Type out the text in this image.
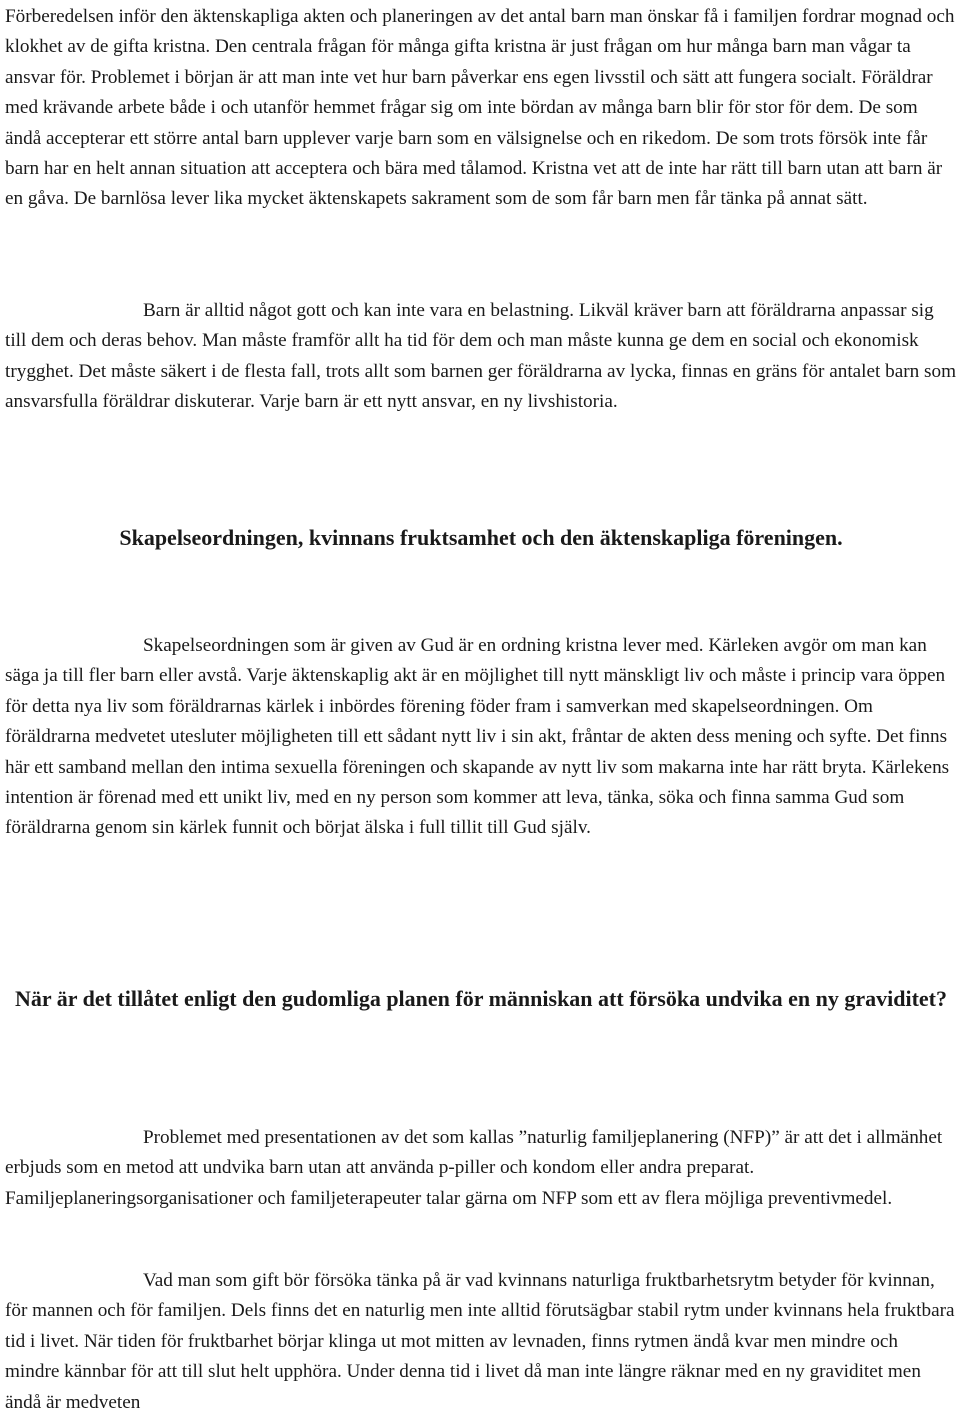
Förberedelsen inför den äktenskapliga akten och planeringen av det antal barn man önskar få i familjen fordrar mognad och klokhet av de gifta kristna. Den centrala frågan för många gifta kristna är just frågan om hur många barn man vågar ta ansvar för. Problemet i början är att man inte vet hur barn påverkar ens egen livsstil och sätt att fungera socialt. Föräldrar med krävande arbete både i och utanför hemmet frågar sig om inte bördan av många barn blir för stor för dem. De som ändå accepterar ett större antal barn upplever varje barn som en välsignelse och en rikedom. De som trots försök inte får barn har en helt annan situation att acceptera och bära med tålamod. Kristna vet att de inte har rätt till barn utan att barn är en gåva. De barnlösa lever lika mycket äktenskapets sakrament som de som får barn men får tänka på annat sätt.

Barn är alltid något gott och kan inte vara en belastning. Likväl kräver barn att föräldrarna anpassar sig till dem och deras behov. Man måste framför allt ha tid för dem och man måste kunna ge dem en social och ekonomisk trygghet. Det måste säkert i de flesta fall, trots allt som barnen ger föräldrarna av lycka, finnas en gräns för antalet barn som ansvarsfulla föräldrar diskuterar. Varje barn är ett nytt ansvar, en ny livshistoria.

Skapelseordningen, kvinnans fruktsamhet och den äktenskapliga föreningen.

Skapelseordningen som är given av Gud är en ordning kristna lever med. Kärleken avgör om man kan säga ja till fler barn eller avstå. Varje äktenskaplig akt är en möjlighet till nytt mänskligt liv och måste i princip vara öppen för detta nya liv som föräldrarnas kärlek i inbördes förening föder fram i samverkan med skapelseordningen. Om föräldrarna medvetet utesluter möjligheten till ett sådant nytt liv i sin akt, fråntar de akten dess mening och syfte. Det finns här ett samband mellan den intima sexuella föreningen och skapande av nytt liv som makarna inte har rätt bryta. Kärlekens intention är förenad med ett unikt liv, med en ny person som kommer att leva, tänka, söka och finna samma Gud som föräldrarna genom sin kärlek funnit och börjat älska i full tillit till Gud själv.

När är det tillåtet enligt den gudomliga planen för människan att försöka undvika en ny graviditet?

Problemet med presentationen av det som kallas ”naturlig familjeplanering (NFP)” är att det i allmänhet erbjuds som en metod att undvika barn utan att använda p-piller och kondom eller andra preparat. Familjeplaneringsorganisationer och familjeterapeuter talar gärna om NFP som ett av flera möjliga preventivmedel.

Vad man som gift bör försöka tänka på är vad kvinnans naturliga fruktbarhetsrytm betyder för kvinnan, för mannen och för familjen. Dels finns det en naturlig men inte alltid förutsägbar stabil rytm under kvinnans hela fruktbara tid i livet. När tiden för fruktbarhet börjar klinga ut mot mitten av levnaden, finns rytmen ändå kvar men mindre och mindre kännbar för att till slut helt upphöra. Under denna tid i livet då man inte längre räknar med en ny graviditet men ändå är medveten
